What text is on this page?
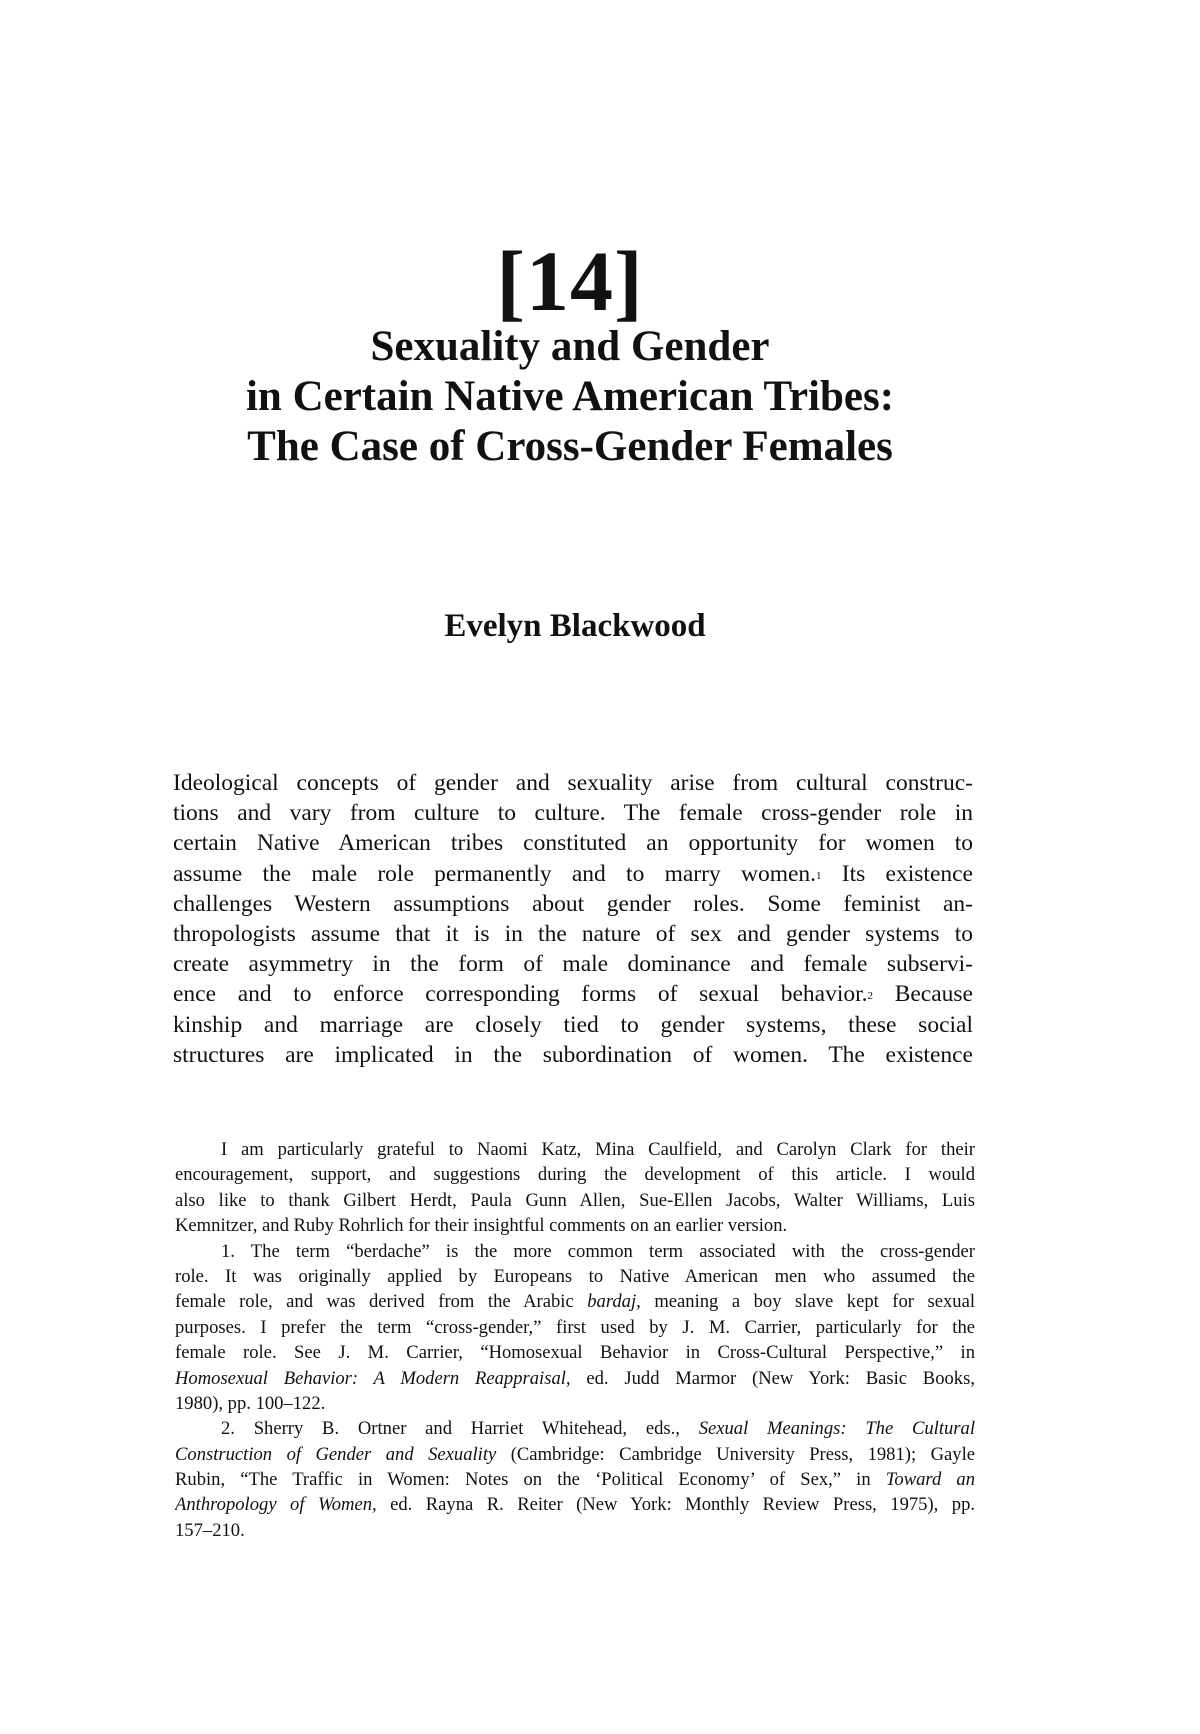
[14]
Sexuality and Gender
in Certain Native American Tribes:
The Case of Cross-Gender Females
Evelyn Blackwood
Ideological concepts of gender and sexuality arise from cultural construc-
tions and vary from culture to culture. The female cross-gender role in
certain Native American tribes constituted an opportunity for women to
assume the male role permanently and to marry women.$^1$ Its existence
challenges Western assumptions about gender roles. Some feminist an-
thropologists assume that it is in the nature of sex and gender systems to
create asymmetry in the form of male dominance and female subservi-
ence and to enforce corresponding forms of sexual behavior.$^2$ Because
kinship and marriage are closely tied to gender systems, these social
structures are implicated in the subordination of women. The existence
I am particularly grateful to Naomi Katz, Mina Caulfield, and Carolyn Clark for their
encouragement, support, and suggestions during the development of this article. I would
also like to thank Gilbert Herdt, Paula Gunn Allen, Sue-Ellen Jacobs, Walter Williams, Luis
Kemnitzer, and Ruby Rohrlich for their insightful comments on an earlier version.
1. The term “berdache” is the more common term associated with the cross-gender
role. It was originally applied by Europeans to Native American men who assumed the
female role, and was derived from the Arabic bardaj, meaning a boy slave kept for sexual
purposes. I prefer the term “cross-gender,” first used by J. M. Carrier, particularly for the
female role. See J. M. Carrier, “Homosexual Behavior in Cross-Cultural Perspective,” in
Homosexual Behavior: A Modern Reappraisal, ed. Judd Marmor (New York: Basic Books,
1980), pp. 100–122.
2. Sherry B. Ortner and Harriet Whitehead, eds., Sexual Meanings: The Cultural
Construction of Gender and Sexuality (Cambridge: Cambridge University Press, 1981); Gayle
Rubin, “The Traffic in Women: Notes on the ‘Political Economy’ of Sex,” in Toward an
Anthropology of Women, ed. Rayna R. Reiter (New York: Monthly Review Press, 1975), pp.
157–210.
